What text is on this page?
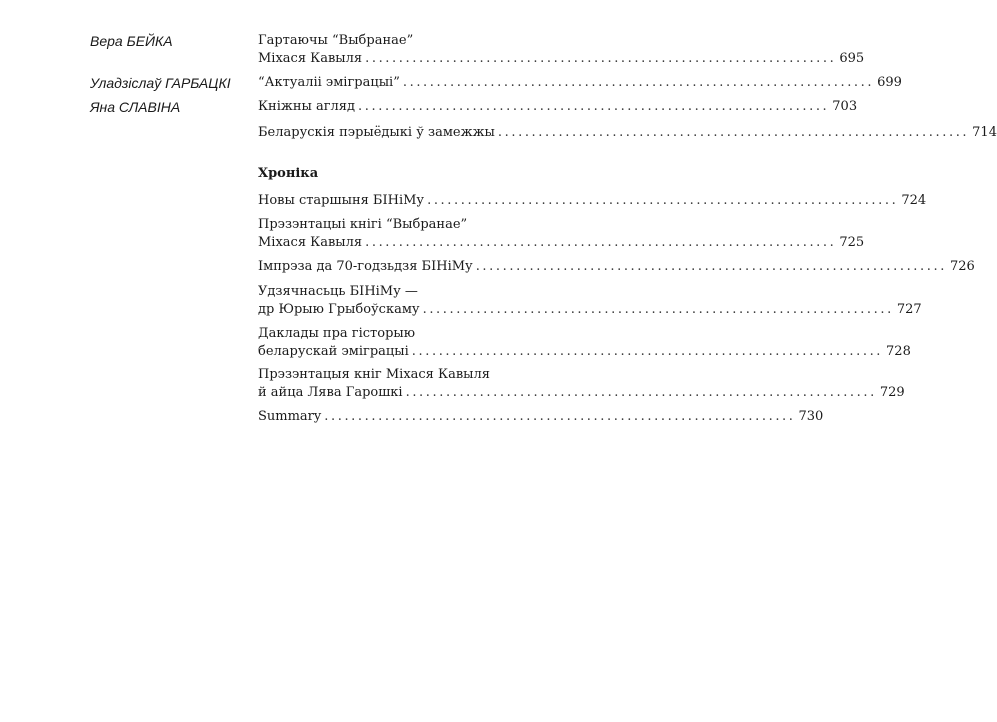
Вера БЕЙКА	Гартаючы “Выбранае”
Міхася Кавыля ...................................................................... 695
Уладзіслаў ГАРБАЦКІ	“Актуаліі эміграцыі” ...................................................................... 699
Яна СЛАВІНА	Кніжны агляд ...................................................................... 703
Беларускія пэрыёдыкі ў замежжы ...................................................................... 714
Хроніка
Новы старшыня БІНіМу ...................................................................... 724
Прэзэнтацыі кнігі “Выбранае”
Міхася Кавыля ...................................................................... 725
Імпрэза да 70-годзьдзя БІНіМу ...................................................................... 726
Удзячнасьць БІНіМу —
др Юрыю Грыбоўскаму ...................................................................... 727
Даклады пра гісторыю
беларускай эміграцыі ...................................................................... 728
Прэзэнтацыя кніг Міхася Кавыля
й айца Лява Гарошкі ...................................................................... 729
Summary ...................................................................... 730
